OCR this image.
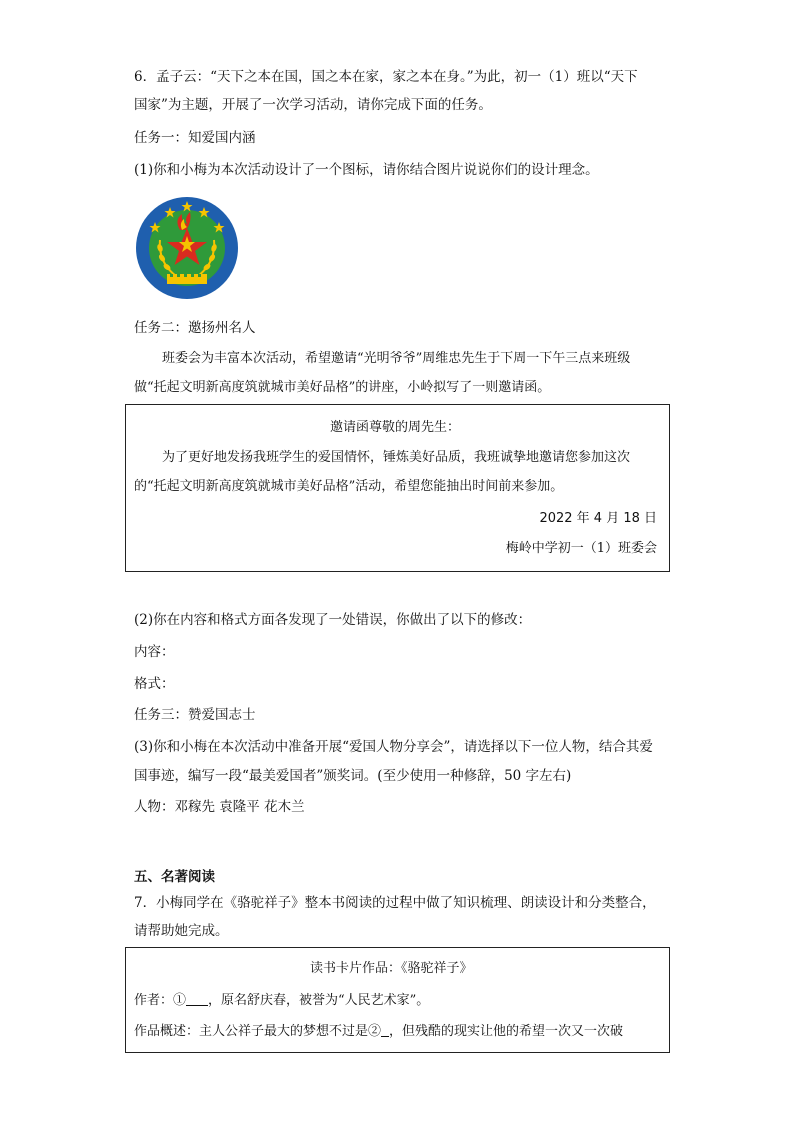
6．孟子云：“天下之本在国，国之本在家，家之本在身。”为此，初一（1）班以“天下
国家”为主题，开展了一次学习活动，请你完成下面的任务。
任务一：知爱国内涵
(1)你和小梅为本次活动设计了一个图标，请你结合图片说说你们的设计理念。
任务二：邀扬州名人
班委会为丰富本次活动，希望邀请“光明爷爷”周维忠先生于下周一下午三点来班级
做“托起文明新高度筑就城市美好品格”的讲座，小岭拟写了一则邀请函。
邀请函尊敬的周先生：
为了更好地发扬我班学生的爱国情怀，锤炼美好品质，我班诚挚地邀请您参加这次
的“托起文明新高度筑就城市美好品格”活动，希望您能抽出时间前来参加。
2022 年 4 月 18 日
梅岭中学初一（1）班委会
(2)你在内容和格式方面各发现了一处错误，你做出了以下的修改：
内容：
格式：
任务三：赞爱国志士
(3)你和小梅在本次活动中准备开展“爱国人物分享会”，请选择以下一位人物，结合其爱
国事迹，编写一段“最美爱国者”颁奖词。(至少使用一种修辞，50 字左右)
人物：邓稼先 袁隆平 花木兰
五、名著阅读
7．小梅同学在《骆驼祥子》整本书阅读的过程中做了知识梳理、朗读设计和分类整合，
请帮助她完成。
读书卡片作品：《骆驼祥子》
作者：① ，原名舒庆春，被誉为“人民艺术家”。
作品概述：主人公祥子最大的梦想不过是② ，但残酷的现实让他的希望一次又一次破
